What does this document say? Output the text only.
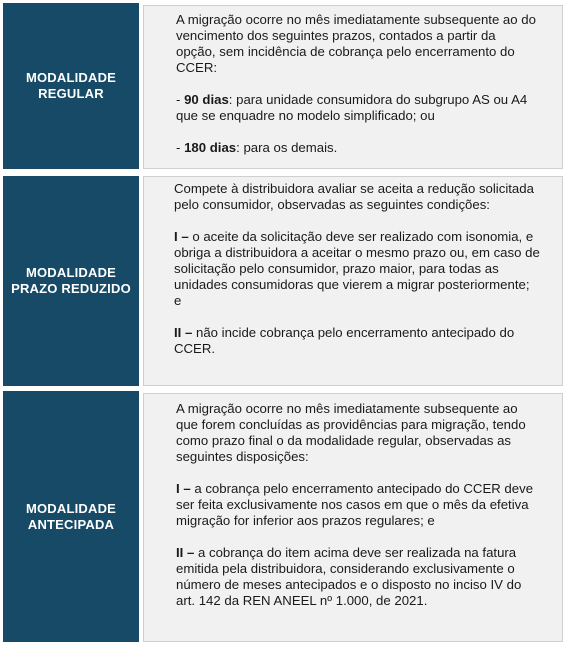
MODALIDADE
REGULAR

A migração ocorre no mês imediatamente subsequente ao do vencimento dos seguintes prazos, contados a partir da opção, sem incidência de cobrança pelo encerramento do CCER:

- 90 dias: para unidade consumidora do subgrupo AS ou A4 que se enquadre no modelo simplificado; ou

- 180 dias: para os demais.

MODALIDADE
PRAZO REDUZIDO

Compete à distribuidora avaliar se aceita a redução solicitada pelo consumidor, observadas as seguintes condições:

I – o aceite da solicitação deve ser realizado com isonomia, e obriga a distribuidora a aceitar o mesmo prazo ou, em caso de solicitação pelo consumidor, prazo maior, para todas as unidades consumidoras que vierem a migrar posteriormente; e

II – não incide cobrança pelo encerramento antecipado do CCER.

MODALIDADE
ANTECIPADA

A migração ocorre no mês imediatamente subsequente ao que forem concluídas as providências para migração, tendo como prazo final o da modalidade regular, observadas as seguintes disposições:

I – a cobrança pelo encerramento antecipado do CCER deve ser feita exclusivamente nos casos em que o mês da efetiva migração for inferior aos prazos regulares; e

II – a cobrança do item acima deve ser realizada na fatura emitida pela distribuidora, considerando exclusivamente o número de meses antecipados e o disposto no inciso IV do art. 142 da REN ANEEL nº 1.000, de 2021.
